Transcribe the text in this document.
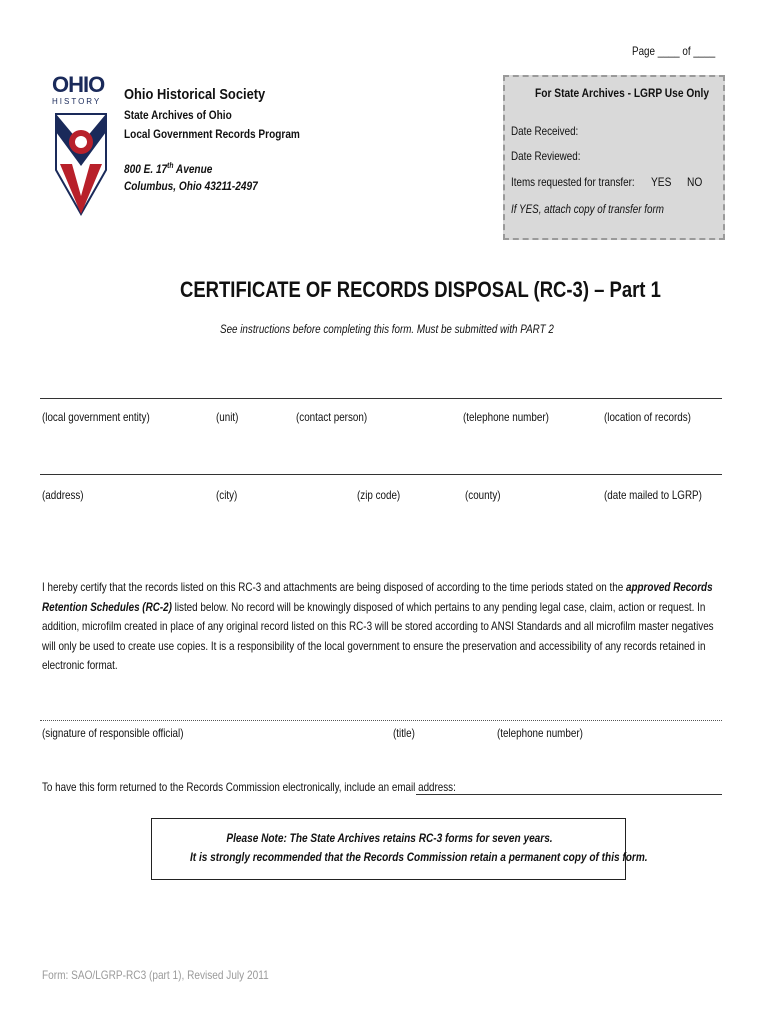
Page ____ of ____
OHIO
HISTORY	Ohio Historical Society
State Archives of Ohio
Local Government Records Program
800 E. 17th Avenue
Columbus, Ohio 43211-2497
For State Archives - LGRP Use Only
Date Received:
Date Reviewed:
Items requested for transfer: YES NO
If YES, attach copy of transfer form
CERTIFICATE OF RECORDS DISPOSAL (RC-3) – Part 1
See instructions before completing this form. Must be submitted with PART 2
(local government entity)	(unit)	(contact person)	(telephone number)	(location of records)
(address)	(city)	(zip code)	(county)	(date mailed to LGRP)
I hereby certify that the records listed on this RC-3 and attachments are being disposed of according to the time periods stated on the approved Records Retention Schedules (RC-2) listed below. No record will be knowingly disposed of which pertains to any pending legal case, claim, action or request. In addition, microfilm created in place of any original record listed on this RC-3 will be stored according to ANSI Standards and all microfilm master negatives will only be used to create use copies. It is a responsibility of the local government to ensure the preservation and accessibility of any records retained in electronic format.
(signature of responsible official)	(title)	(telephone number)
To have this form returned to the Records Commission electronically, include an email address:
Please Note: The State Archives retains RC-3 forms for seven years.
It is strongly recommended that the Records Commission retain a permanent copy of this form.
Form: SAO/LGRP-RC3 (part 1), Revised July 2011
